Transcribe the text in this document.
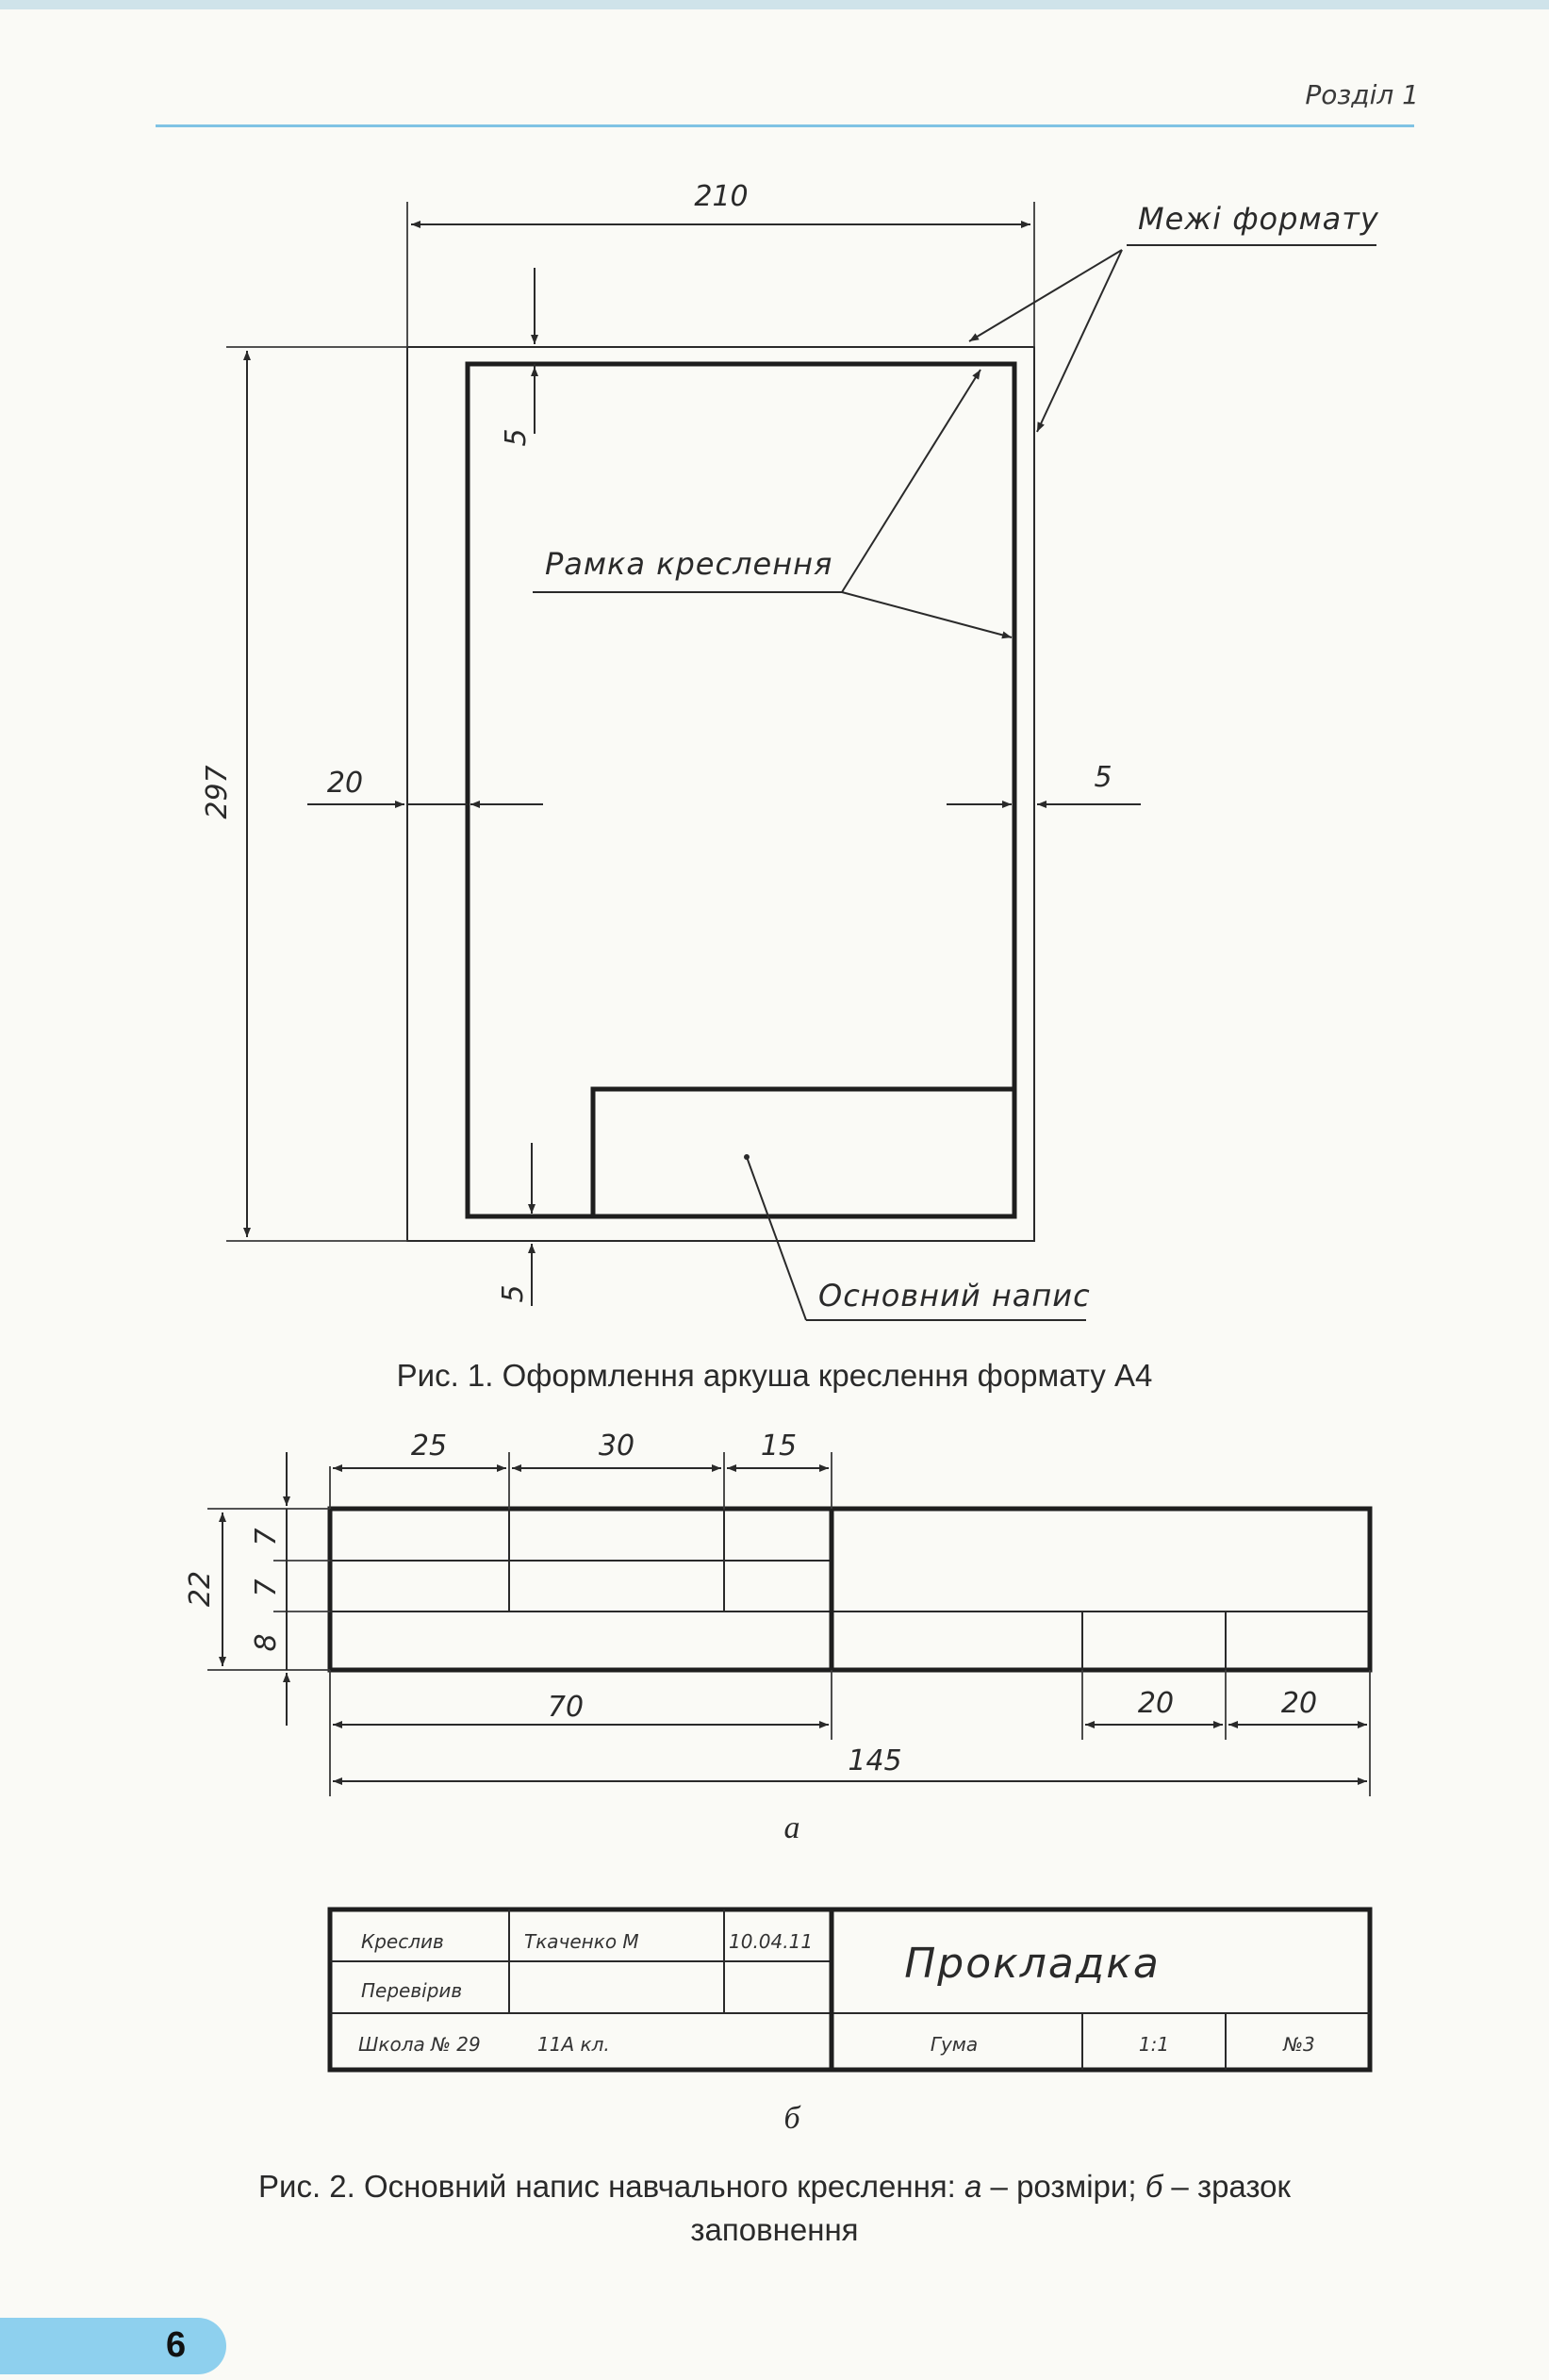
Розділ 1
210
297
5
20	5
5
Межі формату
Рамка креслення
Основний напис
25	30	15
22
7
7
8
70	20	20
145
Креслив	Ткаченко М	10.04.11
Перевірив
Прокладка
Школа № 29	11А кл.	Гума	1:1	№3
Рис. 1. Оформлення аркуша креслення формату А4
а
б
Рис. 2. Основний напис навчального креслення: а – розміри; б – зразок
заповнення
6
